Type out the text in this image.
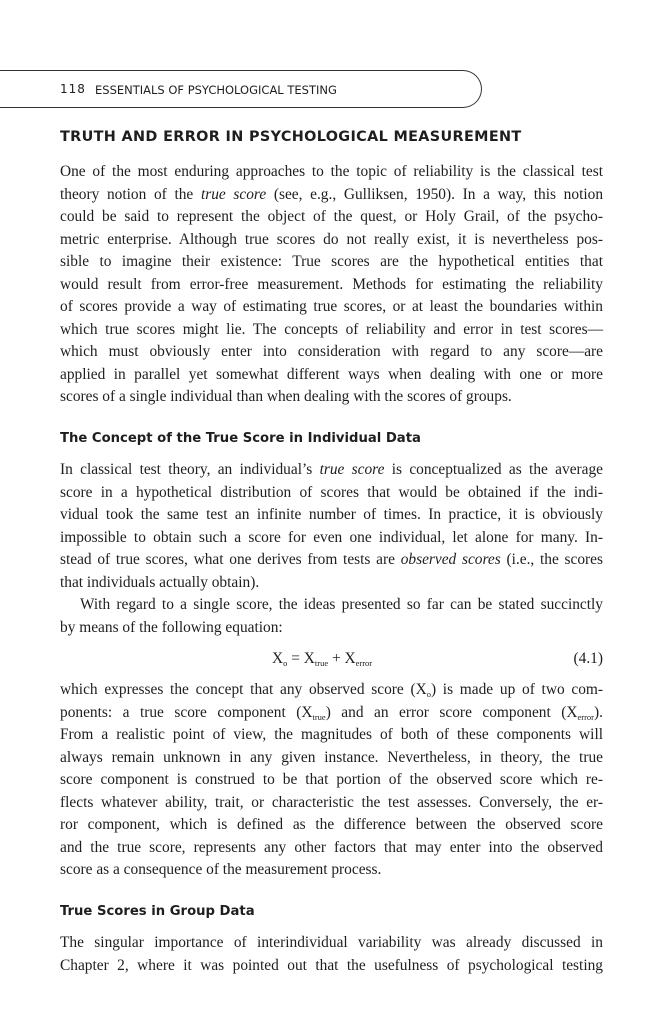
118 ESSENTIALS OF PSYCHOLOGICAL TESTING
TRUTH AND ERROR IN PSYCHOLOGICAL MEASUREMENT
One of the most enduring approaches to the topic of reliability is the classical test
theory notion of the true score (see, e.g., Gulliksen, 1950). In a way, this notion
could be said to represent the object of the quest, or Holy Grail, of the psycho-
metric enterprise. Although true scores do not really exist, it is nevertheless pos-
sible to imagine their existence: True scores are the hypothetical entities that
would result from error-free measurement. Methods for estimating the reliability
of scores provide a way of estimating true scores, or at least the boundaries within
which true scores might lie. The concepts of reliability and error in test scores—
which must obviously enter into consideration with regard to any score—are
applied in parallel yet somewhat different ways when dealing with one or more
scores of a single individual than when dealing with the scores of groups.
The Concept of the True Score in Individual Data
In classical test theory, an individual’s true score is conceptualized as the average
score in a hypothetical distribution of scores that would be obtained if the indi-
vidual took the same test an infinite number of times. In practice, it is obviously
impossible to obtain such a score for even one individual, let alone for many. In-
stead of true scores, what one derives from tests are observed scores (i.e., the scores
that individuals actually obtain).
With regard to a single score, the ideas presented so far can be stated succinctly
by means of the following equation:
$X_o = X_{true} + X_{error}$	(4.1)
which expresses the concept that any observed score $(X_o)$ is made up of two com-
ponents: a true score component $(X_{true})$ and an error score component $(X_{error})$.
From a realistic point of view, the magnitudes of both of these components will
always remain unknown in any given instance. Nevertheless, in theory, the true
score component is construed to be that portion of the observed score which re-
flects whatever ability, trait, or characteristic the test assesses. Conversely, the er-
ror component, which is defined as the difference between the observed score
and the true score, represents any other factors that may enter into the observed
score as a consequence of the measurement process.
True Scores in Group Data
The singular importance of interindividual variability was already discussed in
Chapter 2, where it was pointed out that the usefulness of psychological testing
